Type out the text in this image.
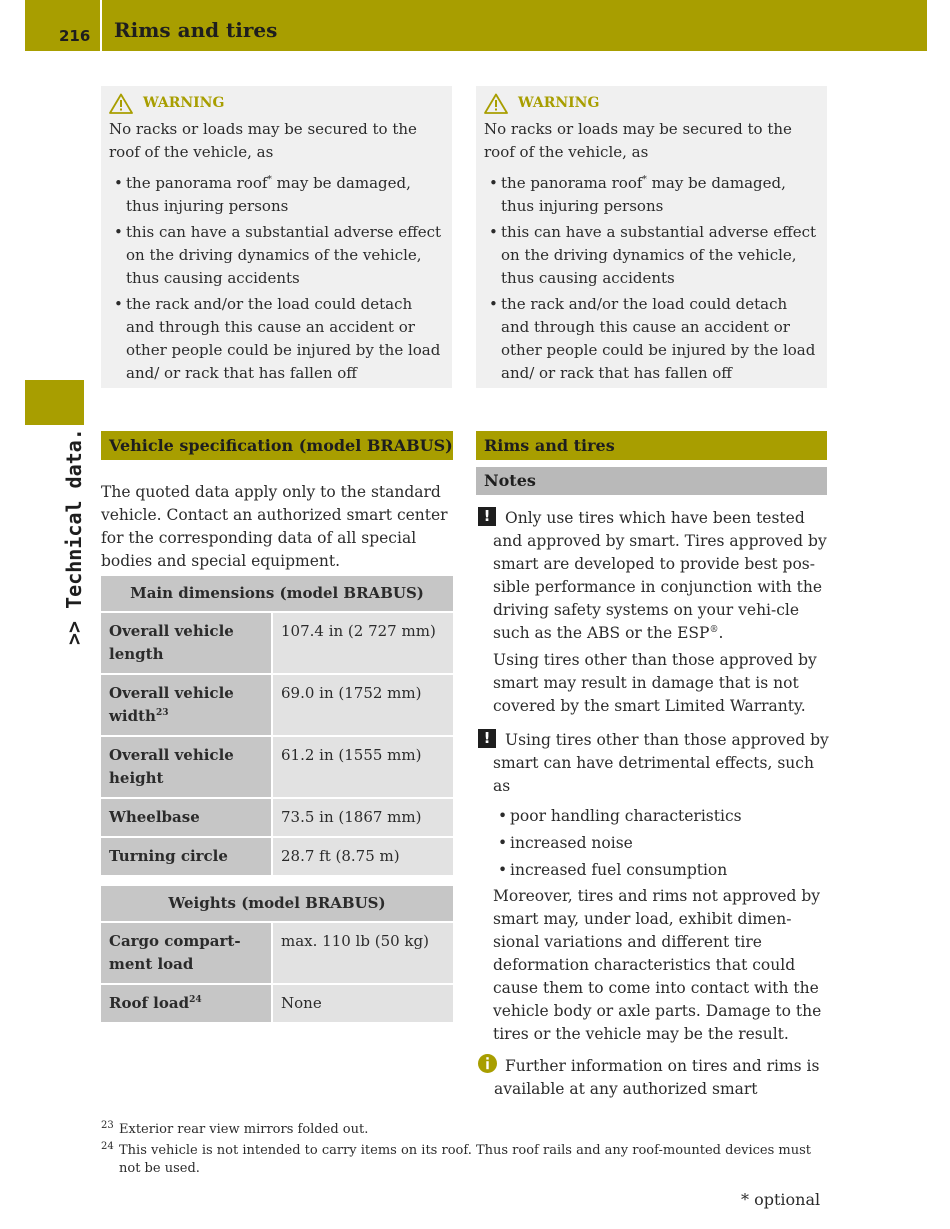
216 Rims and tires
>> Technical data.
WARNING
No racks or loads may be secured to the roof of the vehicle, as
• the panorama roof* may be damaged, thus injuring persons
• this can have a substantial adverse effect on the driving dynamics of the vehicle, thus causing accidents
• the rack and/or the load could detach and through this cause an accident or other people could be injured by the load and/ or rack that has fallen off
WARNING
No racks or loads may be secured to the roof of the vehicle, as
• the panorama roof* may be damaged, thus injuring persons
• this can have a substantial adverse effect on the driving dynamics of the vehicle, thus causing accidents
• the rack and/or the load could detach and through this cause an accident or other people could be injured by the load and/ or rack that has fallen off
Vehicle specification (model BRABUS)
The quoted data apply only to the standard vehicle. Contact an authorized smart center for the corresponding data of all special bodies and special equipment.
Main dimensions (model BRABUS)	
Overall vehicle length	107.4 in (2 727 mm)
Overall vehicle width$^{23}$	69.0 in (1752 mm)
Overall vehicle height	61.2 in (1555 mm)
Wheelbase	73.5 in (1867 mm)
Turning circle	28.7 ft (8.75 m)
Weights (model BRABUS)	
Cargo compart-ment load	max. 110 lb (50 kg)
Roof load$^{24}$	None
Rims and tires
Notes
! Only use tires which have been tested and approved by smart. Tires approved by smart are developed to provide best pos-sible performance in conjunction with the driving safety systems on your vehi-cle such as the ABS or the ESP®.
Using tires other than those approved by smart may result in damage that is not covered by the smart Limited Warranty.
! Using tires other than those approved by smart can have detrimental effects, such as
• poor handling characteristics
• increased noise
• increased fuel consumption
Moreover, tires and rims not approved by smart may, under load, exhibit dimen-sional variations and different tire deformation characteristics that could cause them to come into contact with the vehicle body or axle parts. Damage to the tires or the vehicle may be the result.
Further information on tires and rims is available at any authorized smart
23 Exterior rear view mirrors folded out.
24 This vehicle is not intended to carry items on its roof. Thus roof rails and any roof-mounted devices must not be used.
* optional
